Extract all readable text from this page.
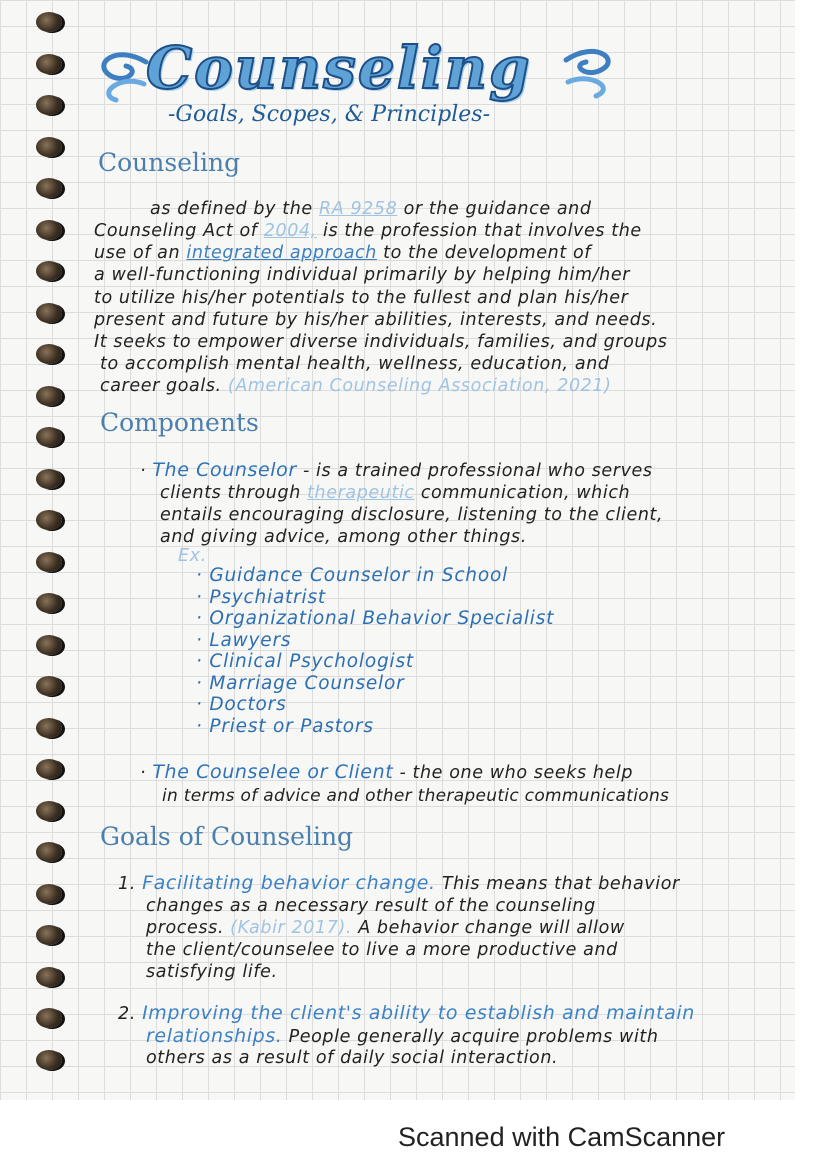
Counseling
-Goals, Scopes, & Principles-
Counseling

as defined by the RA 9258 or the guidance and

Counseling Act of 2004, is the profession that involves the

use of an integrated approach to the development of

a well-functioning individual primarily by helping him/her

to utilize his/her potentials to the fullest and plan his/her

present and future by his/her abilities, interests, and needs.

It seeks to empower diverse individuals, families, and groups

to accomplish mental health, wellness, education, and

career goals. (American Counseling Association, 2021)

Components

· The Counselor - is a trained professional who serves

clients through therapeutic communication, which

entails encouraging disclosure, listening to the client,

and giving advice, among other things.

Ex.

· Guidance Counselor in School
· Psychiatrist
· Organizational Behavior Specialist
· Lawyers
· Clinical Psychologist
· Marriage Counselor
· Doctors
· Priest or Pastors

· The Counselee or Client - the one who seeks help

in terms of advice and other therapeutic communications

Goals of Counseling

1. Facilitating behavior change. This means that behavior

changes as a necessary result of the counseling

process. (Kabir 2017). A behavior change will allow

the client/counselee to live a more productive and

satisfying life.

2. Improving the client's ability to establish and maintain

relationships. People generally acquire problems with

others as a result of daily social interaction.

Scanned with CamScanner
